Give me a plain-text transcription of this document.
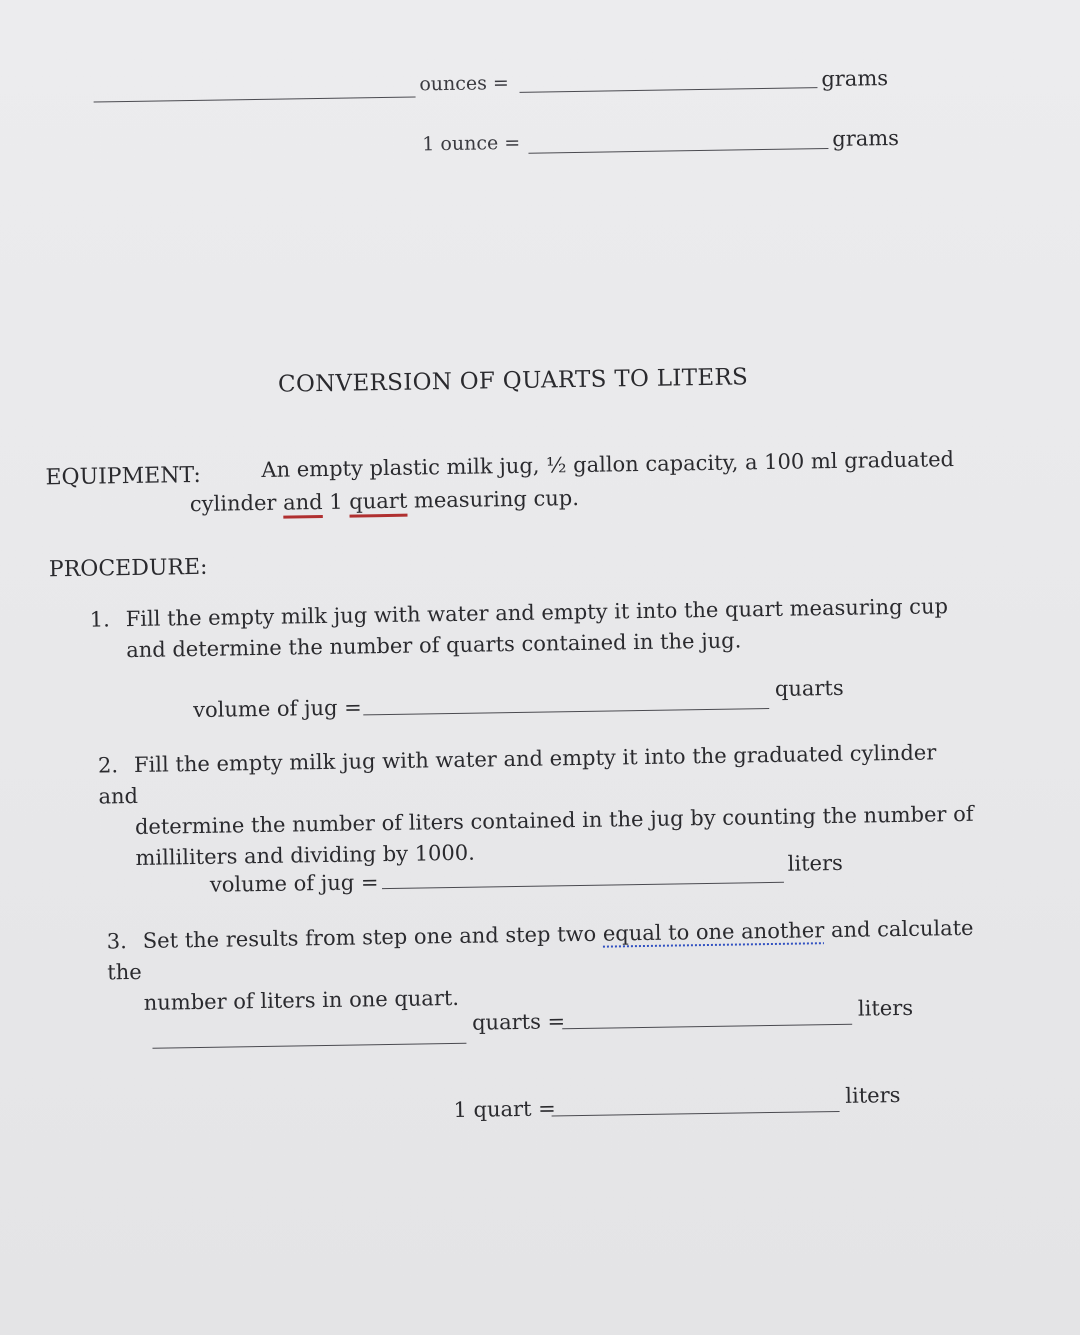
ounces =	grams
1 ounce =	grams
CONVERSION OF QUARTS TO LITERS
EQUIPMENT:	An empty plastic milk jug, ½ gallon capacity, a 100 ml graduated
cylinder and 1 quart measuring cup.
PROCEDURE:
1. Fill the empty milk jug with water and empty it into the quart measuring cup
and determine the number of quarts contained in the jug.
volume of jug =
quarts
2. Fill the empty milk jug with water and empty it into the graduated cylinder and
determine the number of liters contained in the jug by counting the number of
milliliters and dividing by 1000.
volume of jug =
liters
3. Set the results from step one and step two equal to one another and calculate the
number of liters in one quart.
quarts =
liters
1 quart =
liters
